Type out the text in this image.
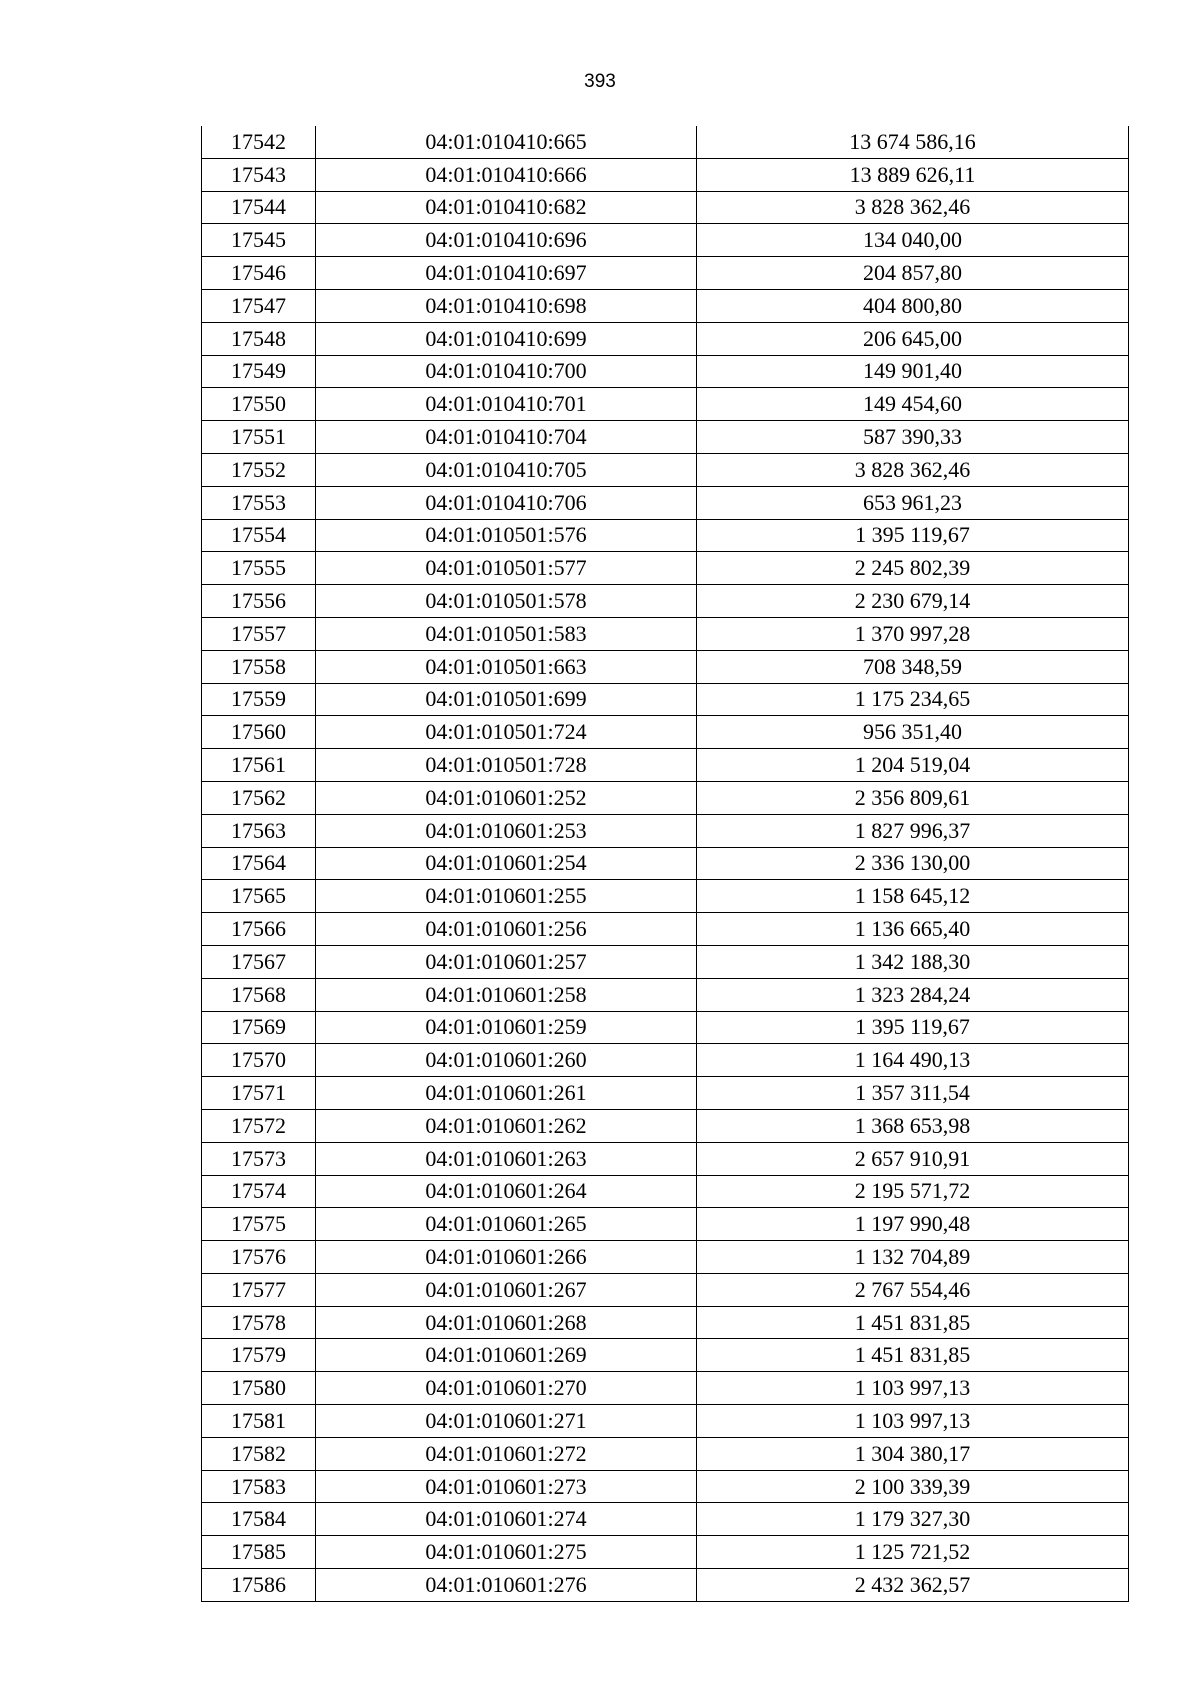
393
17542	04:01:010410:665	13 674 586,16
17543	04:01:010410:666	13 889 626,11
17544	04:01:010410:682	3 828 362,46
17545	04:01:010410:696	134 040,00
17546	04:01:010410:697	204 857,80
17547	04:01:010410:698	404 800,80
17548	04:01:010410:699	206 645,00
17549	04:01:010410:700	149 901,40
17550	04:01:010410:701	149 454,60
17551	04:01:010410:704	587 390,33
17552	04:01:010410:705	3 828 362,46
17553	04:01:010410:706	653 961,23
17554	04:01:010501:576	1 395 119,67
17555	04:01:010501:577	2 245 802,39
17556	04:01:010501:578	2 230 679,14
17557	04:01:010501:583	1 370 997,28
17558	04:01:010501:663	708 348,59
17559	04:01:010501:699	1 175 234,65
17560	04:01:010501:724	956 351,40
17561	04:01:010501:728	1 204 519,04
17562	04:01:010601:252	2 356 809,61
17563	04:01:010601:253	1 827 996,37
17564	04:01:010601:254	2 336 130,00
17565	04:01:010601:255	1 158 645,12
17566	04:01:010601:256	1 136 665,40
17567	04:01:010601:257	1 342 188,30
17568	04:01:010601:258	1 323 284,24
17569	04:01:010601:259	1 395 119,67
17570	04:01:010601:260	1 164 490,13
17571	04:01:010601:261	1 357 311,54
17572	04:01:010601:262	1 368 653,98
17573	04:01:010601:263	2 657 910,91
17574	04:01:010601:264	2 195 571,72
17575	04:01:010601:265	1 197 990,48
17576	04:01:010601:266	1 132 704,89
17577	04:01:010601:267	2 767 554,46
17578	04:01:010601:268	1 451 831,85
17579	04:01:010601:269	1 451 831,85
17580	04:01:010601:270	1 103 997,13
17581	04:01:010601:271	1 103 997,13
17582	04:01:010601:272	1 304 380,17
17583	04:01:010601:273	2 100 339,39
17584	04:01:010601:274	1 179 327,30
17585	04:01:010601:275	1 125 721,52
17586	04:01:010601:276	2 432 362,57
